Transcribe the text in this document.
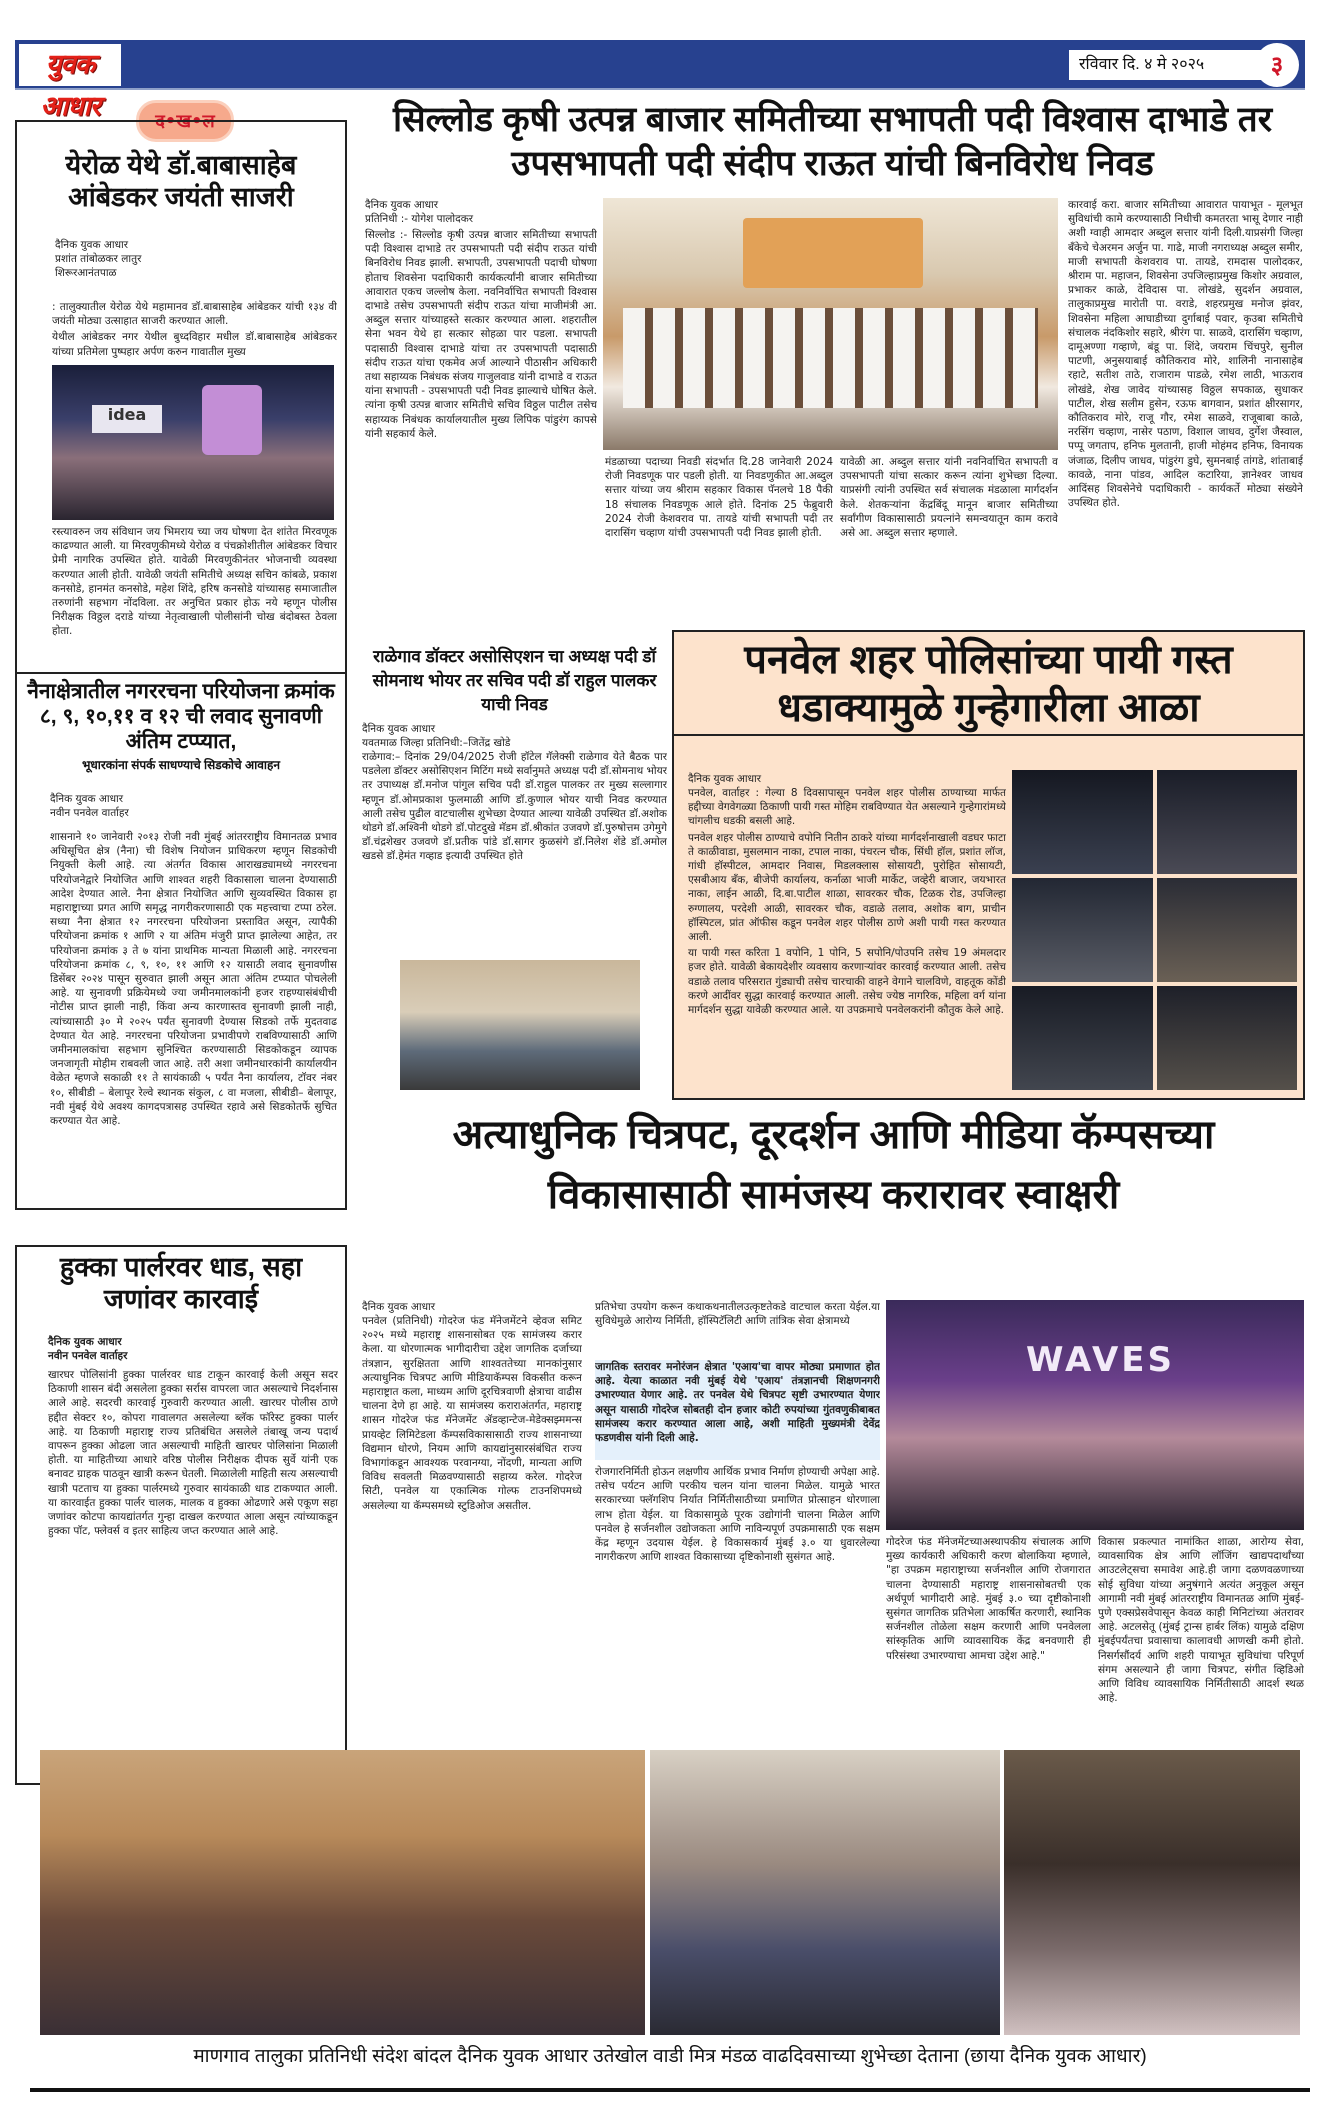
युवक आधार
रविवार दि. ४ मे २०२५	३
द•ख•ल
येरोळ येथे डॉ.बाबासाहेब आंबेडकर जयंती साजरी
दैनिक युवक आधार
प्रशांत तांबोळकर लातुर
शिरूरआनंतपाळ

: तालुक्यातील येरोळ येथे महामानव डॉ.बाबासाहेब आंबेडकर यांची १३४ वी जयंती मोठ्या उत्साहात साजरी करण्यात आली.

येथील आंबेडकर नगर येथील बुध्दविहार मधील डॉ.बाबासाहेब आंबेडकर यांच्या प्रतिमेला पुष्पहार अर्पण करुन गावातील मुख्य

idea
रस्त्यावरुन जय संविधान जय भिमराय च्या जय घोषणा देत शांतेत मिरवणूक काढण्यात आली. या मिरवणुकीमध्ये येरोळ व पंचक्रोशीतील आंबेडकर विचार प्रेमी नागरिक उपस्थित होते. यावेळी मिरवणुकीनंतर भोजनाची व्यवस्था करण्यात आली होती. यावेळी जयंती समितीचे अध्यक्ष सचिन कांबळे, प्रकाश कनसोडे, हानमंत कनसोडे, महेश शिंदे, हरिष कनसोडे यांच्यासह समाजातील तरुणांनी सहभाग नोंदविला. तर अनुचित प्रकार होऊ नये म्हणून पोलीस निरीक्षक विठ्ठल दराडे यांच्या नेतृत्वाखाली पोलीसांनी चोख बंदोबस्त ठेवला होता.
नैनाक्षेत्रातील नगररचना परियोजना क्रमांक ८, ९, १०,११ व १२ ची लवाद सुनावणी अंतिम टप्प्यात,
भूधारकांना संपर्क साधण्याचे सिडकोचे आवाहन
दैनिक युवक आधार
नवीन पनवेल वार्ताहर
शासनाने १० जानेवारी २०१३ रोजी नवी मुंबई आंतरराष्ट्रीय विमानतळ प्रभाव अधिसूचित क्षेत्र (नैना) ची विशेष नियोजन प्राधिकरण म्हणून सिडकोची नियुक्ती केली आहे. त्या अंतर्गत विकास आराखड्यामध्ये नगररचना परियोजनेद्वारे नियोजित आणि शाश्वत शहरी विकासाला चालना देण्यासाठी आदेश देण्यात आले. नैना क्षेत्रात नियोजित आणि सुव्यवस्थित विकास हा महाराष्ट्राच्या प्रगत आणि समृद्ध नागरीकरणासाठी एक महत्त्वाचा टप्पा ठरेल. सध्या नैना क्षेत्रात १२ नगररचना परियोजना प्रस्तावित असून, त्यापैकी परियोजना क्रमांक १ आणि २ या अंतिम मंजुरी प्राप्त झालेल्या आहेत, तर परियोजना क्रमांक ३ ते ७ यांना प्राथमिक मान्यता मिळाली आहे. नगररचना परियोजना क्रमांक ८, ९, १०, ११ आणि १२ यासाठी लवाद सुनावणीस डिसेंबर २०२४ पासून सुरुवात झाली असून आता अंतिम टप्प्यात पोचलेली आहे. या सुनावणी प्रक्रियेमध्ये ज्या जमीनमालकांनी हजर राहण्यासंबंधीची नोटीस प्राप्त झाली नाही, किंवा अन्य कारणास्तव सुनावणी झाली नाही, त्यांच्यासाठी ३० मे २०२५ पर्यंत सुनावणी देण्यास सिडको तर्फे मुदतवाढ देण्यात येत आहे. नगररचना परियोजना प्रभावीपणे राबविण्यासाठी आणि जमीनमालकांचा सहभाग सुनिश्चित करण्यासाठी सिडकोकडून व्यापक जनजागृती मोहीम राबवली जात आहे. तरी अशा जमीनधारकांनी कार्यालयीन वेळेत म्हणजे सकाळी ११ ते सायंकाळी ५ पर्यंत नैना कार्यालय, टॉवर नंबर १०, सीबीडी – बेलापूर रेल्वे स्थानक संकुल, ८ वा मजला, सीबीडी– बेलापूर, नवी मुंबई येथे अवश्य कागदपत्रासह उपस्थित रहावे असे सिडकोतर्फे सुचित करण्यात येत आहे.
हुक्का पार्लरवर धाड, सहा जणांवर कारवाई
दैनिक युवक आधार
नवीन पनवेल वार्ताहर
खारघर पोलिसांनी हुक्का पार्लरवर धाड टाकून कारवाई केली असून सदर ठिकाणी शासन बंदी असलेला हुक्का सर्रास वापरला जात असल्याचे निदर्शनास आले आहे. सदरची कारवाई गुरुवारी करण्यात आली. खारघर पोलीस ठाणे हद्दीत सेक्टर १०, कोपरा गावालगत असलेल्या ब्लॅक फॉरेस्ट हुक्का पार्लर आहे. या ठिकाणी महाराष्ट्र राज्य प्रतिबंधित असलेले तंबाखू जन्य पदार्थ वापरून हुक्का ओढला जात असल्याची माहिती खारघर पोलिसांना मिळाली होती. या माहितीच्या आधारे वरिष्ठ पोलीस निरीक्षक दीपक सुर्वे यांनी एक बनावट ग्राहक पाठवून खात्री करून घेतली. मिळालेली माहिती सत्य असल्याची खात्री पटताच या हुक्का पार्लरमध्ये गुरुवार सायंकाळी धाड टाकण्यात आली. या कारवाईत हुक्का पार्लर चालक, मालक व हुक्का ओढणारे असे एकूण सहा जणांवर कोटपा कायद्यांतर्गत गुन्हा दाखल करण्यात आला असून त्यांच्याकडून हुक्का पॉट, फ्लेवर्स व इतर साहित्य जप्त करण्यात आले आहे.
सिल्लोड कृषी उत्पन्न बाजार समितीच्या सभापती पदी विश्वास दाभाडे तर उपसभापती पदी संदीप राऊत यांची बिनविरोध निवड
दैनिक युवक आधार
प्रतिनिधी :- योगेश पालोदकर
सिल्लोड :- सिल्लोड कृषी उत्पन्न बाजार समितीच्या सभापती पदी विश्वास दाभाडे तर उपसभापती पदी संदीप राऊत यांची बिनविरोध निवड झाली. सभापती, उपसभापती पदाची घोषणा होताच शिवसेना पदाधिकारी कार्यकर्त्यांनी बाजार समितीच्या आवारात एकच जल्लोष केला. नवनिर्वाचित सभापती विश्वास दाभाडे तसेच उपसभापती संदीप राऊत यांचा माजीमंत्री आ. अब्दुल सत्तार यांच्याहस्ते सत्कार करण्यात आला. शहरातील सेना भवन येथे हा सत्कार सोहळा पार पडला. सभापती पदासाठी विश्वास दाभाडे यांचा तर उपसभापती पदासाठी संदीप राऊत यांचा एकमेव अर्ज आल्याने पीठासीन अधिकारी तथा सहाय्यक निबंधक संजय गाजुलवाड यांनी दाभाडे व राऊत यांना सभापती - उपसभापती पदी निवड झाल्याचे घोषित केले. त्यांना कृषी उत्पन्न बाजार समितीचे सचिव विठ्ठल पाटील तसेच सहाय्यक निबंधक कार्यालयातील मुख्य लिपिक पांडुरंग कापसे यांनी सहकार्य केले.
मंडळाच्या पदाच्या निवडी संदर्भात दि.28 जानेवारी 2024 रोजी निवडणूक पार पडली होती. या निवडणुकीत आ.अब्दुल सत्तार यांच्या जय श्रीराम सहकार विकास पॅनलचे 18 पैकी 18 संचालक निवडणूक आले होते. दिनांक 25 फेब्रुवारी 2024 रोजी केशवराव पा. तायडे यांची सभापती पदी तर दारासिंग चव्हाण यांची उपसभापती पदी निवड झाली होती.
यावेळी आ. अब्दुल सत्तार यांनी नवनिर्वाचित सभापती व उपसभापती यांचा सत्कार करून त्यांना शुभेच्छा दिल्या. याप्रसंगी त्यांनी उपस्थित सर्व संचालक मंडळाला मार्गदर्शन केले. शेतकऱ्यांना केंद्रबिंदू मानून बाजार समितीच्या सर्वांगीण विकासासाठी प्रयत्नांने समन्वयातून काम करावे असे आ. अब्दुल सत्तार म्हणाले.
कारवाई करा. बाजार समितीच्या आवारात पायाभूत - मूलभूत सुविधांची कामे करण्यासाठी निधीची कमतरता भासू देणार नाही अशी ग्वाही आमदार अब्दुल सत्तार यांनी दिली.याप्रसंगी जिल्हा बँकेचे चेअरमन अर्जुन पा. गाढे, माजी नगराध्यक्ष अब्दुल समीर, माजी सभापती केशवराव पा. तायडे, रामदास पालोदकर, श्रीराम पा. महाजन, शिवसेना उपजिल्हाप्रमुख किशोर अग्रवाल, प्रभाकर काळे, देविदास पा. लोखंडे, सुदर्शन अग्रवाल, तालुकाप्रमुख मारोती पा. वराडे, शहरप्रमुख मनोज झंवर, शिवसेना महिला आघाडीच्या दुर्गाबाई पवार, कृउबा समितीचे संचालक नंदकिशोर सहारे, श्रीरंग पा. साळवे, दारासिंग चव्हाण, दामूअण्णा गव्हाणे, बंडू पा. शिंदे, जयराम चिंचपुरे, सुनील पाटणी, अनुसयाबाई कौतिकराव मोरे, शालिनी नानासाहेब रहाटे, सतीश ताठे, राजाराम पाडळे, रमेश लाठी, भाऊराव लोखंडे, शेख जावेद यांच्यासह विठ्ठल सपकाळ, सुधाकर पाटील, शेख सलीम हुसेन, रऊफ बागवान, प्रशांत क्षीरसागर, कौतिकराव मोरे, राजू गौर, रमेश साळवे, राजूबाबा काळे, नरसिंग चव्हाण, नासेर पठाण, विशाल जाधव, दुर्गेश जैस्वाल, पप्पू जगताप, हनिफ मुलतानी, हाजी मोहंमद हनिफ, विनायक जंजाळ, दिलीप जाधव, पांडुरंग डुघे, सुमनबाई तांगडे, शांताबाई कावळे, नाना पांडव, आदिल कटारिया, ज्ञानेश्वर जाधव आदिंसह शिवसेनेचे पदाधिकारी - कार्यकर्ते मोठ्या संख्येने उपस्थित होते.
राळेगाव डॉक्टर असोसिएशन चा अध्यक्ष पदी डॉ सोमनाथ भोयर तर सचिव पदी डॉ राहुल पालकर याची निवड
दैनिक युवक आधार
यवतमाळ जिल्हा प्रतिनिधी:–जितेंद्र खोडे
राळेगाव:– दिनांक 29/04/2025 रोजी हॉटेल गॅलेक्सी राळेगाव येते बैठक पार पडलेला डॉक्टर असोसिएशन मिटिंग मध्ये सर्वानुमते अध्यक्ष पदी डॉ.सोमनाथ भोयर तर उपाध्यक्ष डॉ.मनोज पांगुल सचिव पदी डॉ.राहुल पालकर तर मुख्य सल्लागार म्हणून डॉ.ओमप्रकाश फुलमाळी आणि डॉ.कुणाल भोयर याची निवड करण्यात आली तसेच पुढील वाटचालीस शुभेच्छा देण्यात आल्या यावेळी उपस्थित डॉ.अशोक थोडगे डॉ.अश्विनी थोडगे डॉ.पोटदुखे मॅडम डॉ.श्रीकांत उजवणे डॉ.पुरुषोत्तम उगेमुगे डॉ.चंद्रशेखर उजवणे डॉ.प्रतीक पांडे डॉ.सागर कुळसंगे डॉ.निलेश शेंडे डॉ.अमोल खडसे डॉ.हेमंत गव्हाड इत्यादी उपस्थित होते
पनवेल शहर पोलिसांच्या पायी गस्त धडाक्यामुळे गुन्हेगारीला आळा
दैनिक युवक आधार

पनवेल, वार्ताहर : गेल्या 8 दिवसापासून पनवेल शहर पोलीस ठाण्याच्या मार्फत हद्दीच्या वेगवेगळ्या ठिकाणी पायी गस्त मोहिम राबविण्यात येत असल्याने गुन्हेगारांमध्ये चांगलीच धडकी बसली आहे.

पनवेल शहर पोलीस ठाण्याचे वपोनि नितीन ठाकरे यांच्या मार्गदर्शनाखाली वडघर फाटा ते काळीवाडा, मुसलमान नाका, टपाल नाका, पंचरत्न चौक, सिंधी हॉल, प्रशांत लॉज, गांधी हॉस्पीटल, आमदार निवास, मिडलक्लास सोसायटी, पुरोहित सोसायटी, एसबीआय बँक, बीजेपी कार्यालय, कर्नाळा भाजी मार्केट, जव्हेरी बाजार, जयभारत नाका, लाईन आळी, दि.बा.पाटील शाळा, सावरकर चौक, टिळक रोड, उपजिल्हा रुग्णालय, परदेशी आळी, सावरकर चौक, वडाळे तलाव, अशोक बाग, प्राचीन हॉस्पिटल, प्रांत ऑफीस कडून पनवेल शहर पोलीस ठाणे अशी पायी गस्त करण्यात आली.

या पायी गस्त करिता 1 वपोनि, 1 पोनि, 5 सपोनि/पोउपनि तसेच 19 अंमलदार हजर होते. यावेळी बेकायदेशीर व्यवसाय करणाऱ्यांवर कारवाई करण्यात आली. तसेच वडाळे तलाव परिसरात गुंड्याची तसेच चारचाकी वाहने वेगाने चालविणे, वाहतूक कोंडी करणे आदींवर सुद्धा कारवाई करण्यात आली. तसेच ज्येष्ठ नागरिक, महिला वर्ग यांना मार्गदर्शन सुद्धा यावेळी करण्यात आले. या उपक्रमाचे पनवेलकरांनी कौतुक केले आहे.

अत्याधुनिक चित्रपट, दूरदर्शन आणि मीडिया कॅम्पसच्या विकासासाठी सामंजस्य करारावर स्वाक्षरी
दैनिक युवक आधार
पनवेल (प्रतिनिधी) गोदरेज फंड मॅनेजमेंटने व्हेवज समिट २०२५ मध्ये महाराष्ट्र शासनासोबत एक सामंजस्य करार केला. या धोरणात्मक भागीदारीचा उद्देश जागतिक दर्जाच्या तंत्रज्ञान, सुरक्षितता आणि शाश्वततेच्या मानकांनुसार अत्याधुनिक चित्रपट आणि मीडियाकॅम्पस विकसीत करून महाराष्ट्रात कला, माध्यम आणि दूरचित्रवाणी क्षेत्राचा वाढीस चालना देणे हा आहे. या सामंजस्य कराराअंतर्गत, महाराष्ट्र शासन गोदरेज फंड मॅनेजमेंट ॲडव्हान्टेज-मेडेक्सझ्ममन्स प्रायव्हेट लिमिटेडला कॅम्पसविकासासाठी राज्य शासनाच्या विद्यमान धोरणे, नियम आणि कायद्यांनुसारसंबंधित राज्य विभागांकडून आवश्यक परवानग्या, नोंदणी, मान्यता आणि विविध सवलती मिळवण्यासाठी सहाय्य करेल. गोदरेज सिटी, पनवेल या एकात्मिक गोल्फ टाउनशिपमध्ये असलेल्या या कॅम्पसमध्ये स्टुडिओज असतील.
प्रतिभेचा उपयोग करून कथाकथनातीलउत्कृष्टतेकडे वाटचाल करता येईल.या सुविधेमुळे आरोग्य निर्मिती, हॉस्पिटॅलिटी आणि तांत्रिक सेवा क्षेत्रामध्ये
जागतिक स्तरावर मनोरंजन क्षेत्रात 'एआय'चा वापर मोठ्या प्रमाणात होत आहे. येत्या काळात नवी मुंबई येथे 'एआय' तंत्रज्ञानची शिक्षणनगरी उभारण्यात येणार आहे. तर पनवेल येथे चित्रपट सृष्टी उभारण्यात येणार असून यासाठी गोदरेज सोबतही दोन हजार कोटी रुपयांच्या गुंतवणुकीबाबत सामंजस्य करार करण्यात आला आहे, अशी माहिती मुख्यमंत्री देवेंद्र फडणवीस यांनी दिली आहे.
रोजगारनिर्मिती होऊन लक्षणीय आर्थिक प्रभाव निर्माण होण्याची अपेक्षा आहे. तसेच पर्यटन आणि परकीय चलन यांना चालना मिळेल. यामुळे भारत सरकारच्या फ्लॅगशिप निर्यात निर्मितीसाठीच्या प्रमाणित प्रोत्साहन धोरणाला लाभ होता येईल. या विकासामुळे पूरक उद्योगांनी चालना मिळेल आणि पनवेल हे सर्जनशील उद्योजकता आणि नाविन्यपूर्ण उपक्रमासाठी एक सक्षम केंद्र म्हणून उदयास येईल. हे विकासकार्य मुंबई ३.० या धुवारलेल्या नागरीकरण आणि शाश्वत विकासाच्या दृष्टिकोनाशी सुसंगत आहे.
WAVES
गोदरेज फंड मॅनेजमेंटच्याअस्थापकीय संचालक आणि मुख्य कार्यकारी अधिकारी करण बोलाकिया म्हणाले, "हा उपक्रम महाराष्ट्राच्या सर्जनशील आणि रोजगारात चालना देण्यासाठी महाराष्ट्र शासनासोबतची एक अर्थपूर्ण भागीदारी आहे. मुंबई ३.० च्या दृष्टीकोनाशी सुसंगत जागतिक प्रतिभेला आकर्षित करणारी, स्थानिक सर्जनशील तोळेला सक्षम करणारी आणि पनवेलला सांस्कृतिक आणि व्यावसायिक केंद्र बनवणारी ही परिसंस्था उभारण्याचा आमचा उद्देश आहे."
विकास प्रकल्पात नामांकित शाळा, आरोग्य सेवा, व्यावसायिक क्षेत्र आणि लॉजिंग खाद्यपदार्थांच्या आउटलेट्सचा समावेश आहे.ही जागा दळणवळणाच्या सोई सुविधा यांच्या अनुषंगाने अत्यंत अनुकूल असून आगामी नवी मुंबई आंतरराष्ट्रीय विमानतळ आणि मुंबई-पुणे एक्सप्रेसवेपासून केवळ काही मिनिटांच्या अंतरावर आहे. अटलसेतू (मुंबई ट्रान्स हार्बर लिंक) यामुळे दक्षिण मुंबईपर्यंतचा प्रवासाचा कालावधी आणखी कमी होतो. निसर्गसौंदर्य आणि शहरी पायाभूत सुविधांचा परिपूर्ण संगम असल्याने ही जागा चित्रपट, संगीत व्हिडिओ आणि विविध व्यावसायिक निर्मितीसाठी आदर्श स्थळ आहे.
माणगाव तालुका प्रतिनिधी संदेश बांदल दैनिक युवक आधार उतेखोल वाडी मित्र मंडळ वाढदिवसाच्या शुभेच्छा देताना (छाया दैनिक युवक आधार)
